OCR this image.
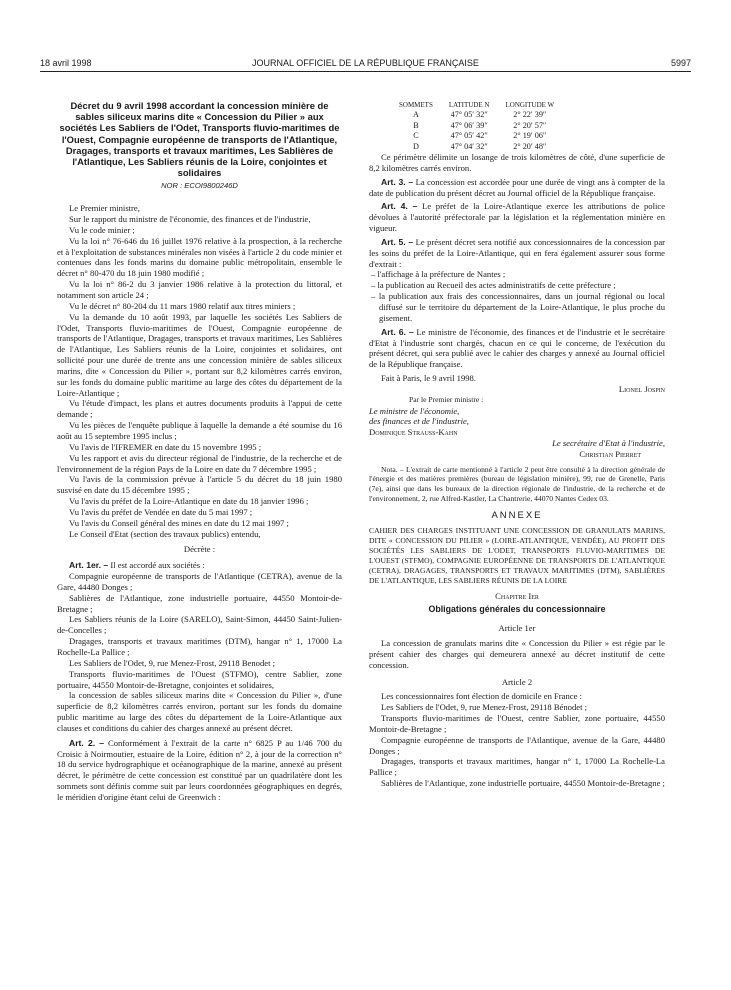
18 avril 1998	JOURNAL OFFICIEL DE LA RÉPUBLIQUE FRANÇAISE	5997

Décret du 9 avril 1998 accordant la concession minière de sables siliceux marins dite « Concession du Pilier » aux sociétés Les Sabliers de l'Odet, Transports fluvio-maritimes de l'Ouest, Compagnie européenne de transports de l'Atlantique, Dragages, transports et travaux maritimes, Les Sablières de l'Atlantique, Les Sabliers réunis de la Loire, conjointes et solidaires

NOR : ECOI9800246D

Le Premier ministre,

Sur le rapport du ministre de l'économie, des finances et de l'industrie,

Vu le code minier ;

Vu la loi n° 76-646 du 16 juillet 1976 relative à la prospection, à la recherche et à l'exploitation de substances minérales non visées à l'article 2 du code minier et contenues dans les fonds marins du domaine public métropolitain, ensemble le décret n° 80-470 du 18 juin 1980 modifié ;

Vu la loi n° 86-2 du 3 janvier 1986 relative à la protection du littoral, et notamment son article 24 ;

Vu le décret n° 80-204 du 11 mars 1980 relatif aux titres miniers ;

Vu la demande du 10 août 1993, par laquelle les sociétés Les Sabliers de l'Odet, Transports fluvio-maritimes de l'Ouest, Compagnie européenne de transports de l'Atlantique, Dragages, transports et travaux maritimes, Les Sablières de l'Atlantique, Les Sabliers réunis de la Loire, conjointes et solidaires, ont sollicité pour une durée de trente ans une concession minière de sables siliceux marins, dite « Concession du Pilier », portant sur 8,2 kilomètres carrés environ, sur les fonds du domaine public maritime au large des côtes du département de la Loire-Atlantique ;

Vu l'étude d'impact, les plans et autres documents produits à l'appui de cette demande ;

Vu les pièces de l'enquête publique à laquelle la demande a été soumise du 16 août au 15 septembre 1995 inclus ;

Vu l'avis de l'IFREMER en date du 15 novembre 1995 ;

Vu les rapport et avis du directeur régional de l'industrie, de la recherche et de l'environnement de la région Pays de la Loire en date du 7 décembre 1995 ;

Vu l'avis de la commission prévue à l'article 5 du décret du 18 juin 1980 susvisé en date du 15 décembre 1995 ;

Vu l'avis du préfet de la Loire-Atlantique en date du 18 janvier 1996 ;

Vu l'avis du préfet de Vendée en date du 5 mai 1997 ;

Vu l'avis du Conseil général des mines en date du 12 mai 1997 ;

Le Conseil d'Etat (section des travaux publics) entendu,

Décrète :

Art. 1er. – Il est accordé aux sociétés :

Compagnie européenne de transports de l'Atlantique (CETRA), avenue de la Gare, 44480 Donges ;

Sablières de l'Atlantique, zone industrielle portuaire, 44550 Montoir-de-Bretagne ;

Les Sabliers réunis de la Loire (SARELO), Saint-Simon, 44450 Saint-Julien-de-Concelles ;

Dragages, transports et travaux maritimes (DTM), hangar n° 1, 17000 La Rochelle-La Pallice ;

Les Sabliers de l'Odet, 9, rue Menez-Frost, 29118 Benodet ;

Transports fluvio-maritimes de l'Ouest (STFMO), centre Sablier, zone portuaire, 44550 Montoir-de-Bretagne, conjointes et solidaires,

la concession de sables siliceux marins dite « Concession du Pilier », d'une superficie de 8,2 kilomètres carrés environ, portant sur les fonds du domaine public maritime au large des côtes du département de la Loire-Atlantique aux clauses et conditions du cahier des charges annexé au présent décret.

Art. 2. – Conformément à l'extrait de la carte n° 6825 P au 1/46 700 du Croisic à Noirmoutier, estuaire de la Loire, édition n° 2, à jour de la correction n° 18 du service hydrographique et océanographique de la marine, annexé au présent décret, le périmètre de cette concession est constitué par un quadrilatère dont les sommets sont définis comme suit par leurs coordonnées géographiques en degrés, le méridien d'origine étant celui de Greenwich :

SOMMETS	LATITUDE N	LONGITUDE W
A	47° 05′ 32″	2° 22′ 39″
B	47° 06′ 39″	2° 20′ 57″
C	47° 05′ 42″	2° 19′ 06″
D	47° 04′ 32″	2° 20′ 48″

Ce périmètre délimite un losange de trois kilomètres de côté, d'une superficie de 8,2 kilomètres carrés environ.

Art. 3. – La concession est accordée pour une durée de vingt ans à compter de la date de publication du présent décret au Journal officiel de la République française.

Art. 4. – Le préfet de la Loire-Atlantique exerce les attributions de police dévolues à l'autorité préfectorale par la législation et la réglementation minière en vigueur.

Art. 5. – Le présent décret sera notifié aux concessionnaires de la concession par les soins du préfet de la Loire-Atlantique, qui en fera également assurer sous forme d'extrait :

– l'affichage à la préfecture de Nantes ;

– la publication au Recueil des actes administratifs de cette préfecture ;

– la publication aux frais des concessionnaires, dans un journal régional ou local diffusé sur le territoire du département de la Loire-Atlantique, le plus proche du gisement.

Art. 6. – Le ministre de l'économie, des finances et de l'industrie et le secrétaire d'Etat à l'industrie sont chargés, chacun en ce qui le concerne, de l'exécution du présent décret, qui sera publié avec le cahier des charges y annexé au Journal officiel de la République française.

Fait à Paris, le 9 avril 1998.

Lionel Jospin

Par le Premier ministre :

Le ministre de l'économie,

des finances et de l'industrie,

Dominique Strauss-Kahn

Le secrétaire d'Etat à l'industrie,

Christian Pierret

Nota. – L'extrait de carte mentionné à l'article 2 peut être consulté à la direction générale de l'énergie et des matières premières (bureau de législation minière), 99, rue de Grenelle, Paris (7e), ainsi que dans les bureaux de la direction régionale de l'industrie, de la recherche et de l'environnement, 2, rue Alfred-Kastler, La Chantrerie, 44070 Nantes Cedex 03.

ANNEXE

CAHIER DES CHARGES INSTITUANT UNE CONCESSION DE GRANULATS MARINS, DITE « CONCESSION DU PILIER » (LOIRE-ATLANTIQUE, VENDÉE), AU PROFIT DES SOCIÉTÉS LES SABLIERS DE L'ODET, TRANSPORTS FLUVIO-MARITIMES DE L'OUEST (STFMO), COMPAGNIE EUROPÉENNE DE TRANSPORTS DE L'ATLANTIQUE (CETRA), DRAGAGES, TRANSPORTS ET TRAVAUX MARITIMES (DTM), SABLIÈRES DE L'ATLANTIQUE, LES SABLIERS RÉUNIS DE LA LOIRE

Chapitre Ier

Obligations générales du concessionnaire

Article 1er

La concession de granulats marins dite « Concession du Pilier » est régie par le présent cahier des charges qui demeurera annexé au décret institutif de cette concession.

Article 2

Les concessionnaires font élection de domicile en France :

Les Sabliers de l'Odet, 9, rue Menez-Frost, 29118 Bénodet ;

Transports fluvio-maritimes de l'Ouest, centre Sablier, zone portuaire, 44550 Montoir-de-Bretagne ;

Compagnie européenne de transports de l'Atlantique, avenue de la Gare, 44480 Donges ;

Dragages, transports et travaux maritimes, hangar n° 1, 17000 La Rochelle-La Pallice ;

Sablières de l'Atlantique, zone industrielle portuaire, 44550 Montoir-de-Bretagne ;
